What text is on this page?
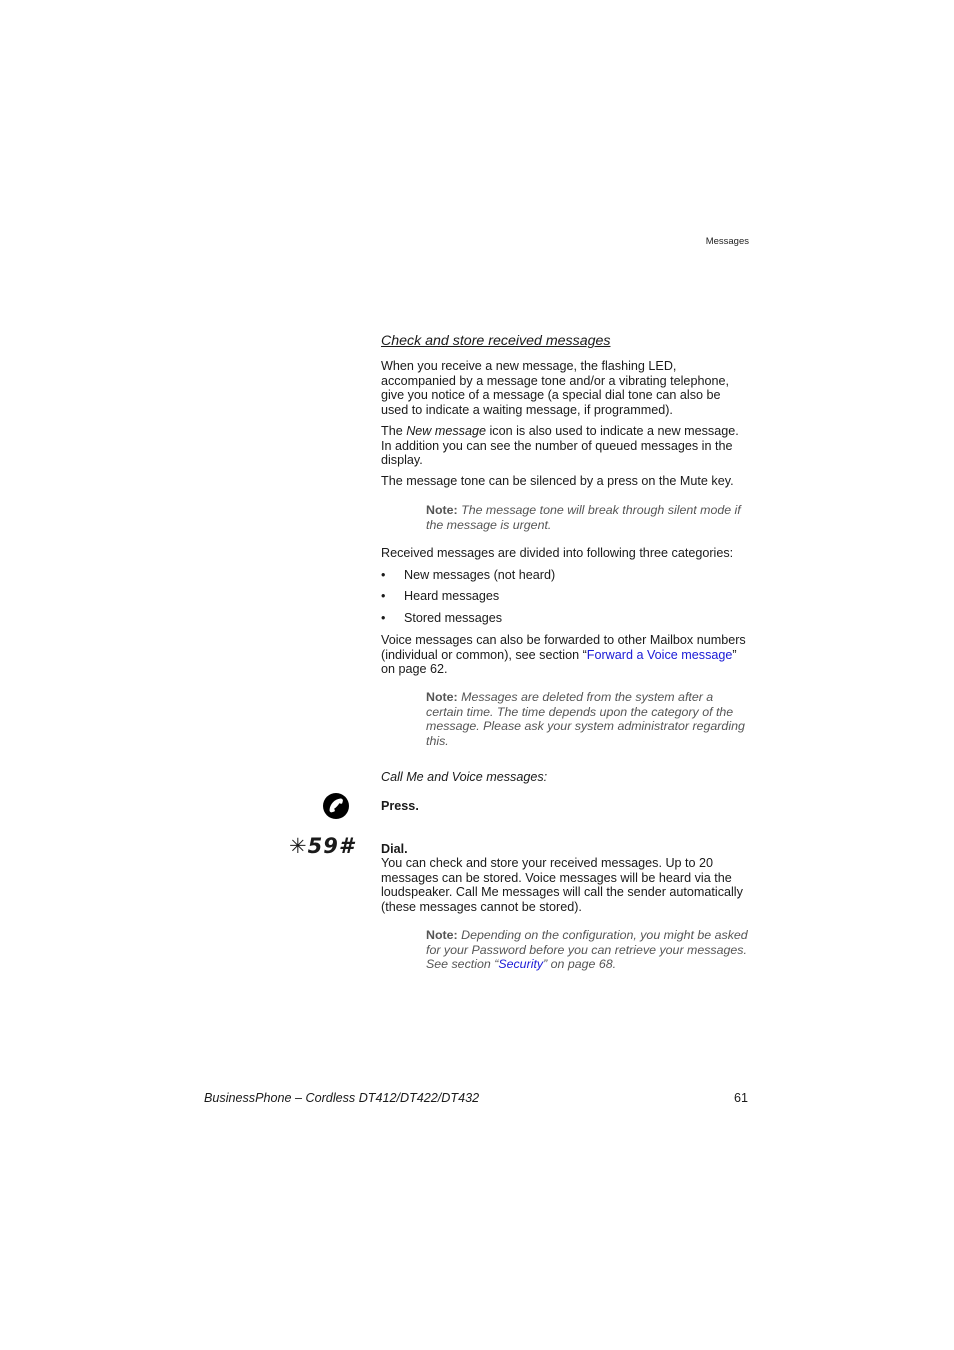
Messages
Check and store received messages

When you receive a new message, the flashing LED, accompanied by a message tone and/or a vibrating telephone, give you notice of a message (a special dial tone can also be used to indicate a waiting message, if programmed).

The New message icon is also used to indicate a new message. In addition you can see the number of queued messages in the display.

The message tone can be silenced by a press on the Mute key.

Note: The message tone will break through silent mode if the message is urgent.

Received messages are divided into following three categories:

• New messages (not heard)
• Heard messages
• Stored messages

Voice messages can also be forwarded to other Mailbox numbers (individual or common), see section “Forward a Voice message” on page 62.

Note: Messages are deleted from the system after a certain time. The time depends upon the category of the message. Please ask your system administrator regarding this.
Call Me and Voice messages:
Press.
✳59# Dial.

You can check and store your received messages. Up to 20 messages can be stored. Voice messages will be heard via the loudspeaker. Call Me messages will call the sender automatically (these messages cannot be stored).

Note: Depending on the configuration, you might be asked for your Password before you can retrieve your messages. See section “Security” on page 68.
BusinessPhone – Cordless DT412/DT422/DT432	61
